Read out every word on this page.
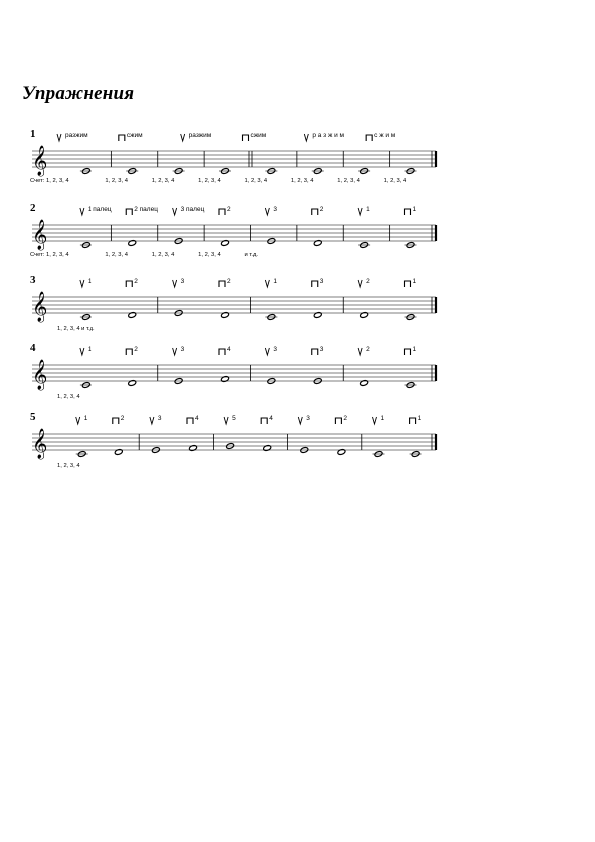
Упражнения
1
𝄞
разжим	сжим	разжим	сжим	р а з ж и м	с ж и м
Счет: 1, 2, 3, 4	1, 2, 3, 4	1, 2, 3, 4	1, 2, 3, 4	1, 2, 3, 4	1, 2, 3, 4	1, 2, 3, 4	1, 2, 3, 4
2
𝄞
1 палец	2 палец	3 палец	2	3	2	1	1
Счет: 1, 2, 3, 4	1, 2, 3, 4	1, 2, 3, 4	1, 2, 3, 4	и т.д.
3
𝄞
1	2	3	2	1	3	2	1
1, 2, 3, 4 и т.д.
4
𝄞
1	2	3	4	3	3	2	1
1, 2, 3, 4
5
𝄞
1	2	3	4	5	4	3	2	1	1
1, 2, 3, 4
